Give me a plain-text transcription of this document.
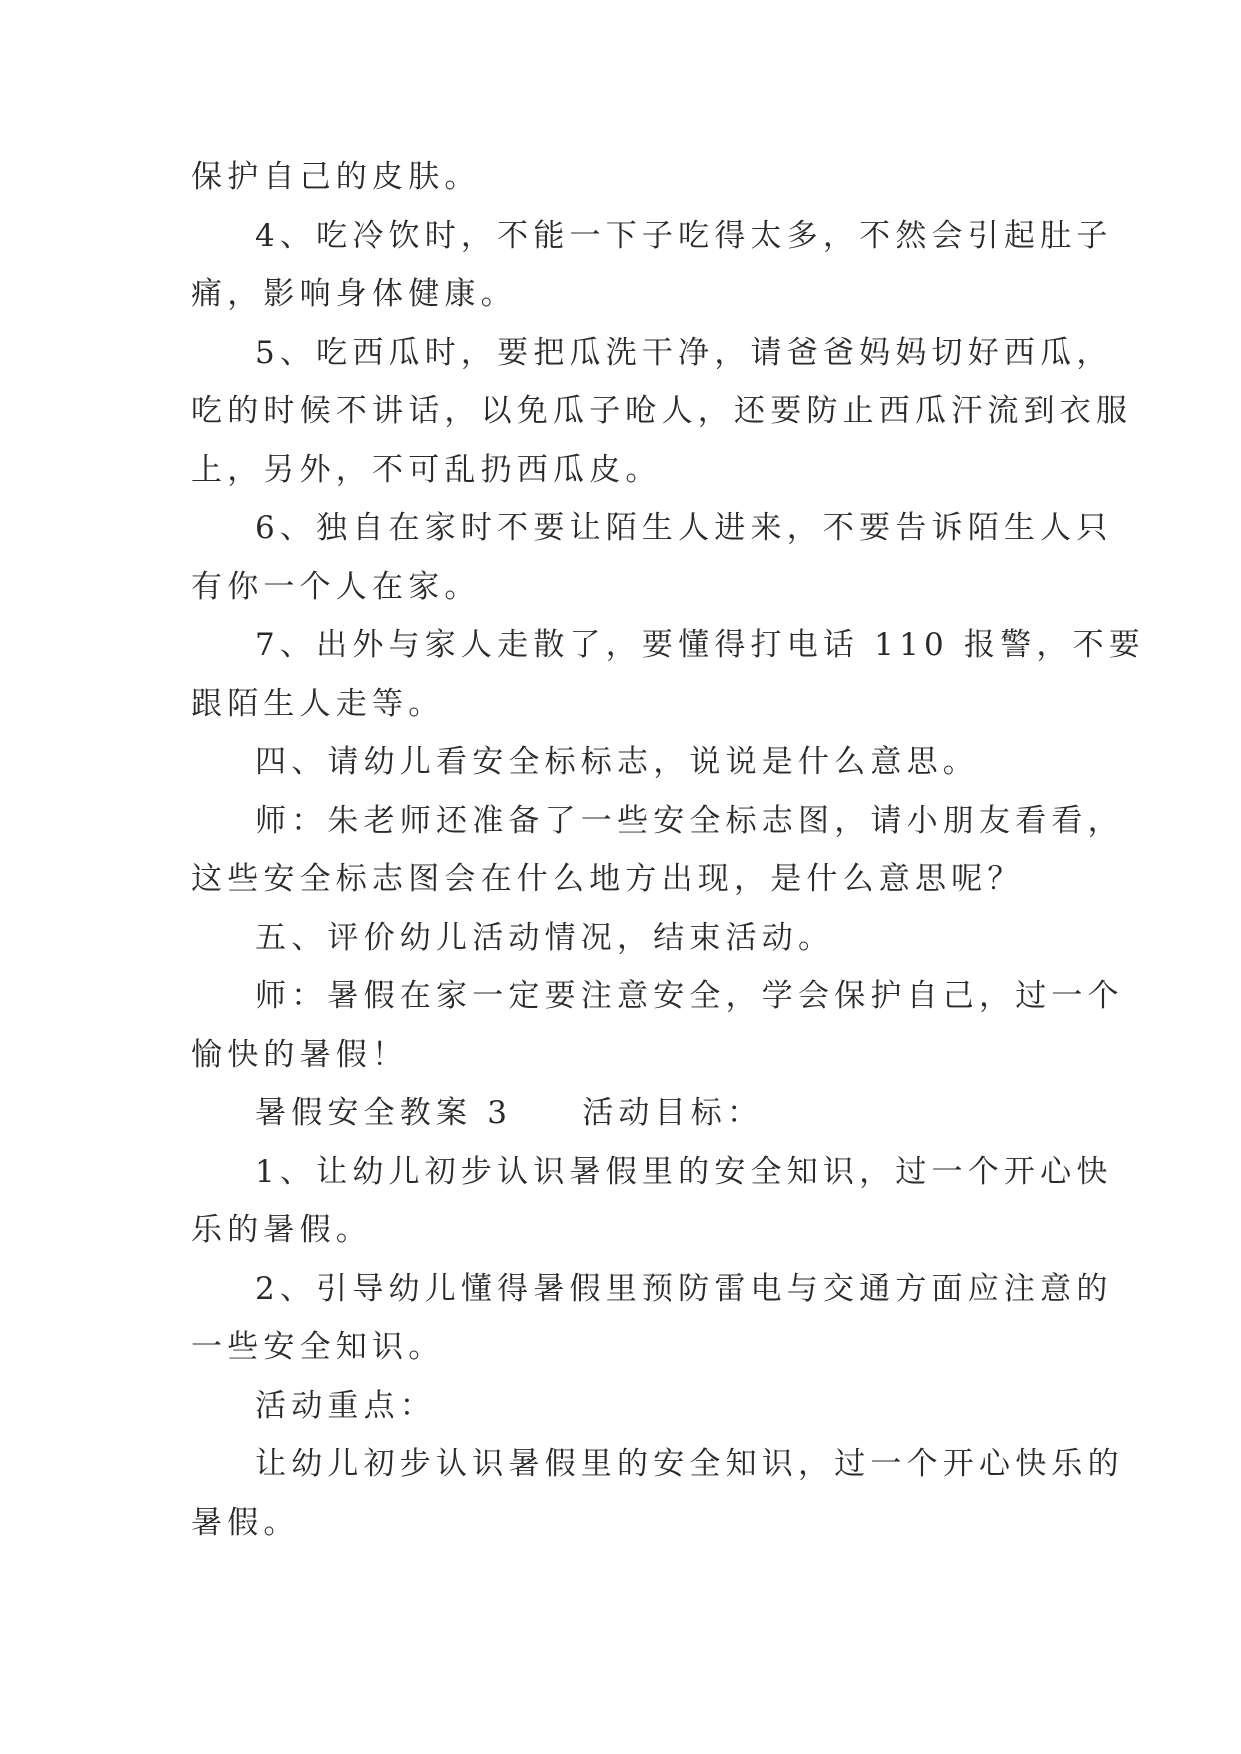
保护自己的皮肤。
4、吃冷饮时，不能一下子吃得太多，不然会引起肚子
痛，影响身体健康。
5、吃西瓜时，要把瓜洗干净，请爸爸妈妈切好西瓜，
吃的时候不讲话，以免瓜子呛人，还要防止西瓜汗流到衣服
上，另外，不可乱扔西瓜皮。
6、独自在家时不要让陌生人进来，不要告诉陌生人只
有你一个人在家。
7、出外与家人走散了，要懂得打电话 110 报警，不要
跟陌生人走等。
四、请幼儿看安全标标志，说说是什么意思。
师：朱老师还准备了一些安全标志图，请小朋友看看，
这些安全标志图会在什么地方出现，是什么意思呢？
五、评价幼儿活动情况，结束活动。
师：暑假在家一定要注意安全，学会保护自己，过一个
愉快的暑假！
暑假安全教案 3 活动目标：
1、让幼儿初步认识暑假里的安全知识，过一个开心快
乐的暑假。
2、引导幼儿懂得暑假里预防雷电与交通方面应注意的
一些安全知识。
活动重点：
让幼儿初步认识暑假里的安全知识，过一个开心快乐的
暑假。
